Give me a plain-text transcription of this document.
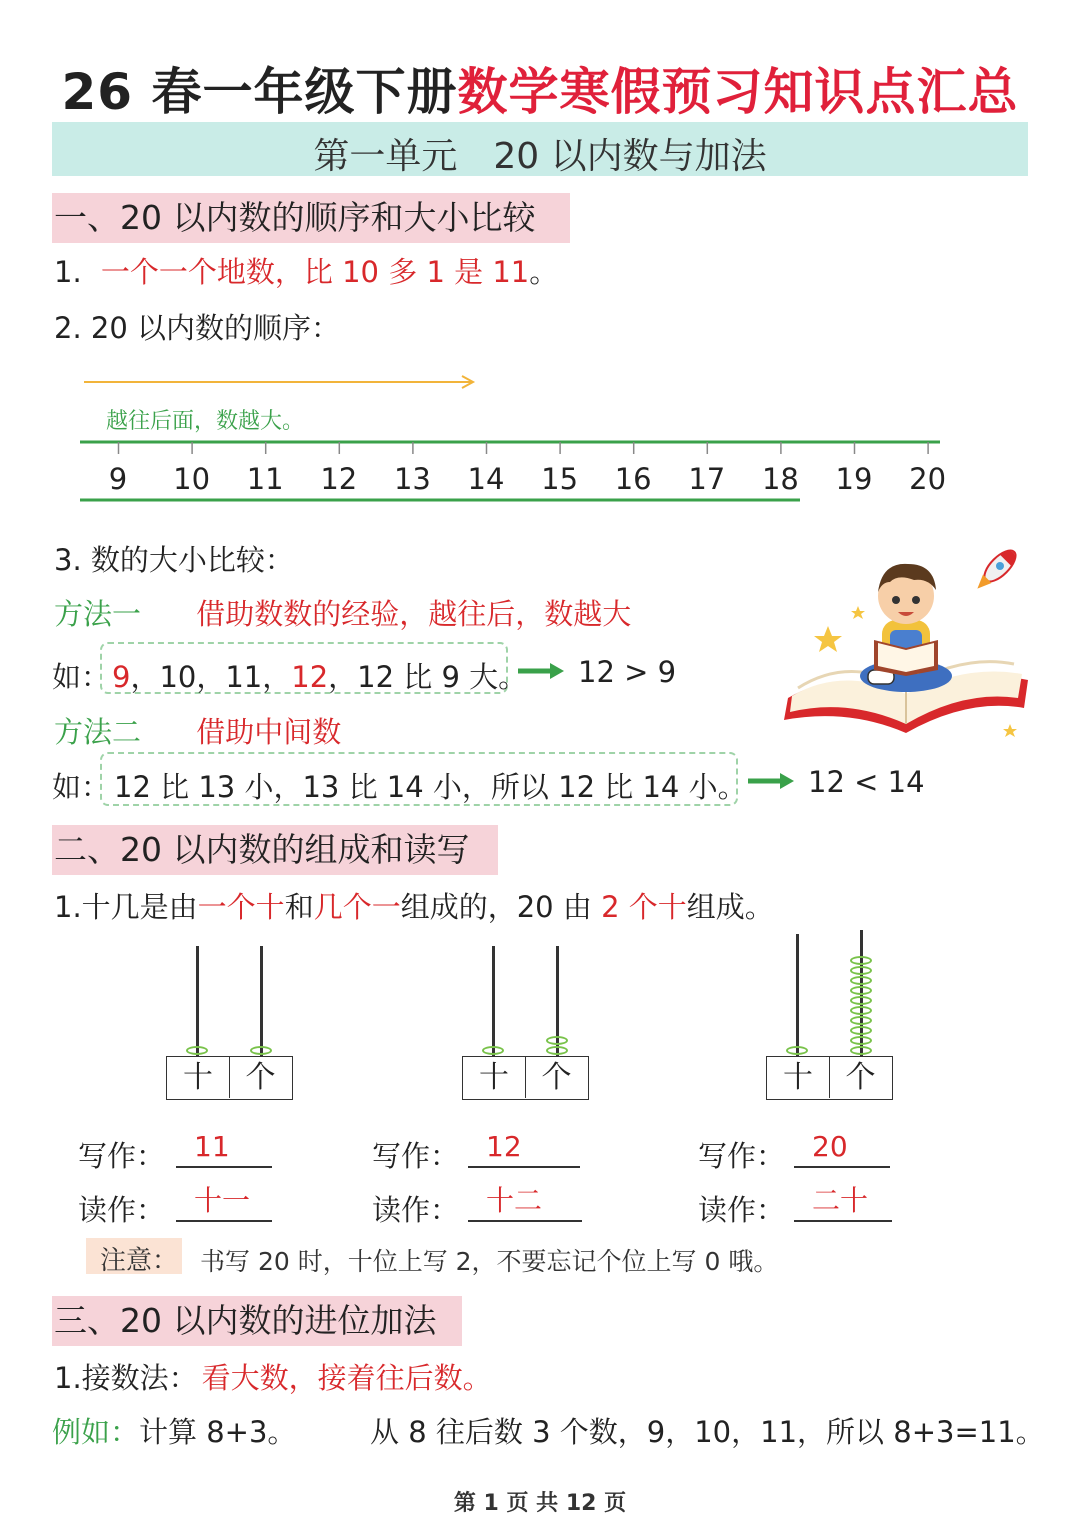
26 春一年级下册数学寒假预习知识点汇总
第一单元　20 以内数与加法
一、20 以内数的顺序和大小比较
1. 一个一个地数，比 10 多 1 是 11。
2. 20 以内数的顺序：
越往后面，数越大。
9	10	11	12	13	14	15	16	17	18	19	20
3. 数的大小比较：
方法一 借助数数的经验，越往后，数越大
如： 9，10，11，12，12 比 9 大。 12 > 9
方法二 借助中间数
如： 12 比 13 小，13 比 14 小，所以 12 比 14 小。 12 < 14
二、20 以内数的组成和读写
1.十几是由一个十和几个一组成的，20 由 2 个十组成。
十	个	十	个	十	个
写作：	11
读作：	十一
写作： 12
读作： 十二
写作： 20
读作： 二十
注意： 书写 20 时，十位上写 2，不要忘记个位上写 0 哦。
三、20 以内数的进位加法
1.接数法： 看大数，接着往后数。
例如：计算 8+3。	从 8 往后数 3 个数，9，10，11，所以 8+3=11。
第 1 页 共 12 页
